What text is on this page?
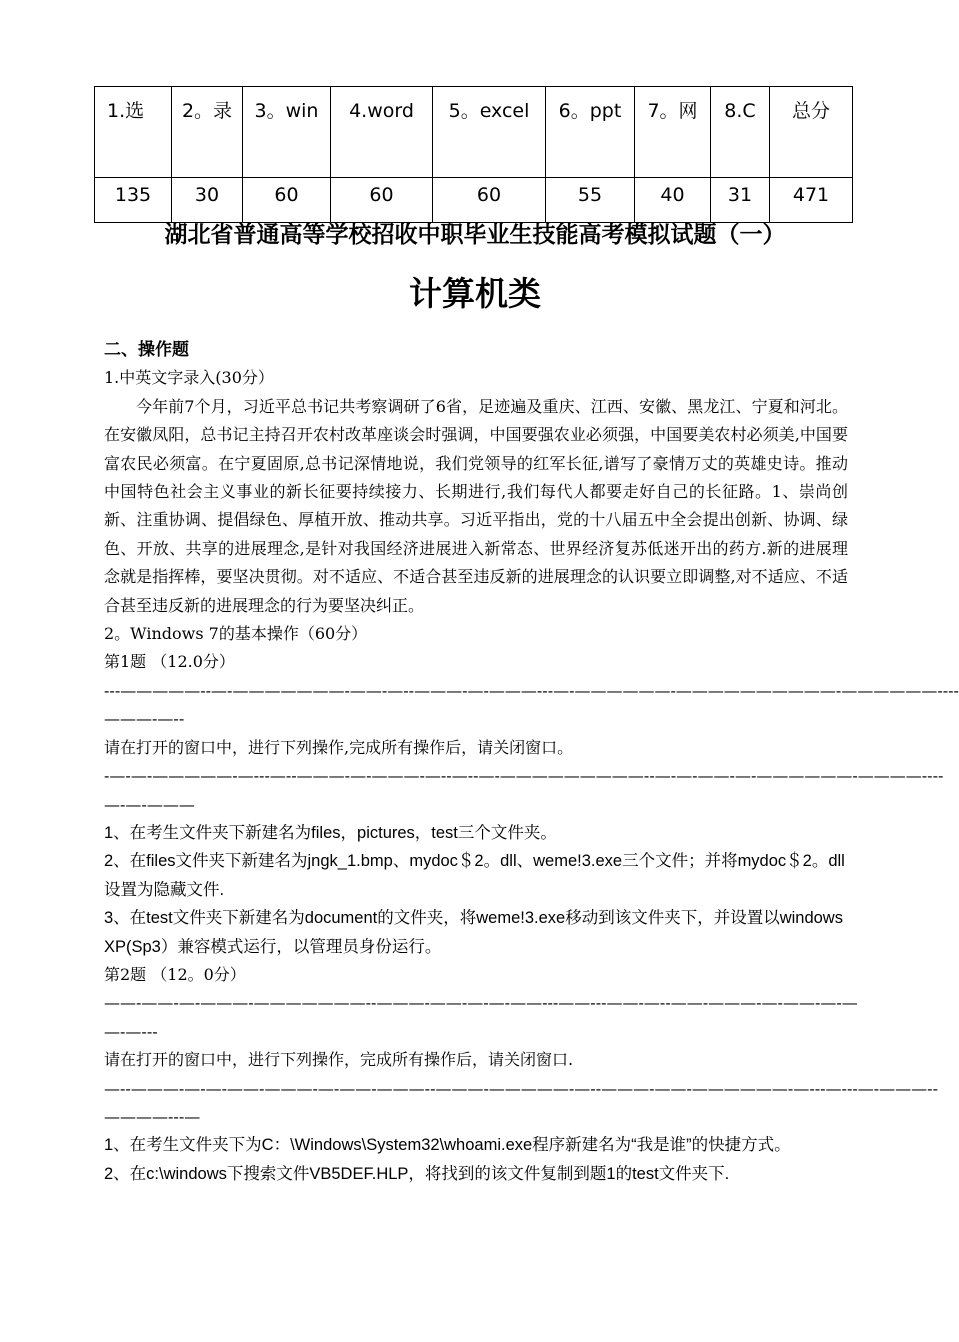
1.选	2。录	3。win	4.word	5。excel	6。ppt	7。网	8.C	总分
135	30	60	60	60	55	40	31	471
湖北省普通高等学校招收中职毕业生技能高考模拟试题（一）
计算机类

二、操作题

1.中英文字录入(30分）

今年前7个月，习近平总书记共考察调研了6省，足迹遍及重庆、江西、安徽、黑龙江、宁夏和河北。在安徽凤阳，总书记主持召开农村改革座谈会时强调，中国要强农业必须强，中国要美农村必须美,中国要富农民必须富。在宁夏固原,总书记深情地说，我们党领导的红军长征,谱写了豪情万丈的英雄史诗。推动中国特色社会主义事业的新长征要持续接力、长期进行,我们每代人都要走好自己的长征路。1、崇尚创新、注重协调、提倡绿色、厚植开放、推动共享。习近平指出，党的十八届五中全会提出创新、协调、绿色、开放、共享的进展理念,是针对我国经济进展进入新常态、世界经济复苏低迷开出的药方.新的进展理念就是指挥棒，要坚决贯彻。对不适应、不适合甚至违反新的进展理念的认识要立即调整,对不适应、不适合甚至违反新的进展理念的行为要坚决纠正。

2。Windows 7的基本操作（60分）

第1题 （12.0分）

---—————--—-———————-——-—--———-—-———---—-——————-——————————-——————----

———-—--

请在打开的窗口中，进行下列操作,完成所有操作后，请关闭窗口。

-—-—-—————-—---—--———-—-———-—--—--—-—————————--—-—-——-—-——————-————----

—-—-———

1、在考生文件夹下新建名为files，pictures，test三个文件夹。

2、在files文件夹下新建名为jngk_1.bmp、mydoc＄2。dll、weme!3.exe三个文件；并将mydoc＄2。dll设置为隐藏文件.

3、在test文件夹下新建名为document的文件夹，将weme!3.exe移动到该文件夹下，并设置以windows XP(Sp3）兼容模式运行，以管理员身份运行。

第2题 （12。0分）

——-——-—-———-———————--———-——-—-—-——---——---——-—--——-———-—-——-—-—

—-—---

请在打开的窗口中，进行下列操作，完成所有操作后，请关闭窗口.

—--———-—-—-——-———-—-——-———--———-—————-—--———-——-——————-—---—---—-———--

————---—

1、在考生文件夹下为C：\Windows\System32\whoami.exe程序新建名为“我是谁”的快捷方式。

2、在c:\windows下搜索文件VB5DEF.HLP，将找到的该文件复制到题1的test文件夹下.
